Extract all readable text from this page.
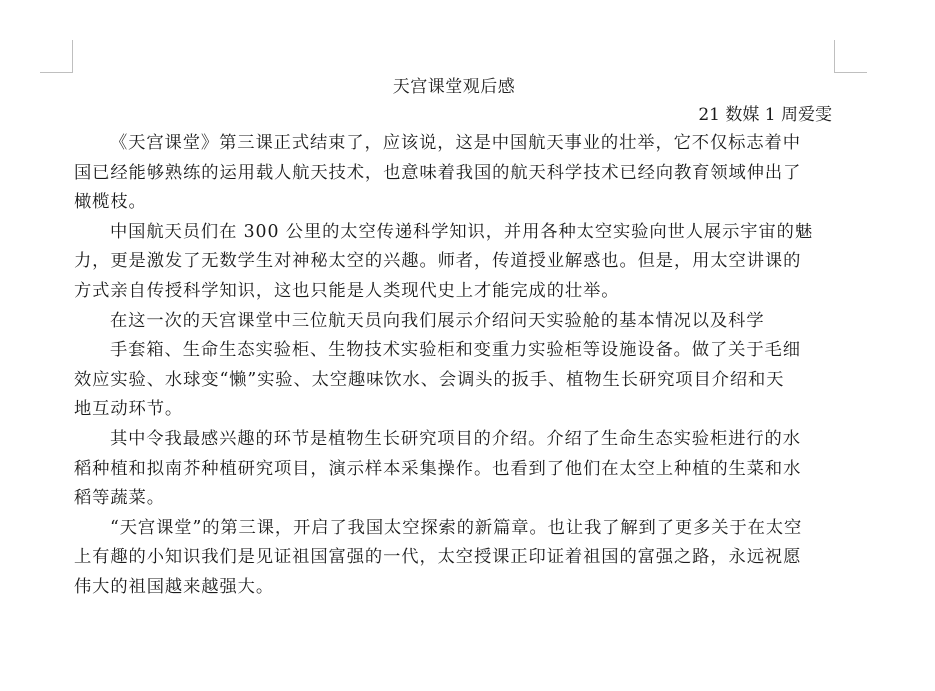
天宫课堂观后感

21 数媒 1 周爱雯

《天宫课堂》第三课正式结束了，应该说，这是中国航天事业的壮举，它不仅标志着中
国已经能够熟练的运用载人航天技术，也意味着我国的航天科学技术已经向教育领域伸出了
橄榄枝。

中国航天员们在 300 公里的太空传递科学知识，并用各种太空实验向世人展示宇宙的魅
力，更是激发了无数学生对神秘太空的兴趣。师者，传道授业解惑也。但是，用太空讲课的
方式亲自传授科学知识，这也只能是人类现代史上才能完成的壮举。

在这一次的天宫课堂中三位航天员向我们展示介绍问天实验舱的基本情况以及科学
手套箱、生命生态实验柜、生物技术实验柜和变重力实验柜等设施设备。做了关于毛细
效应实验、水球变“懒”实验、太空趣味饮水、会调头的扳手、植物生长研究项目介绍和天
地互动环节。

其中令我最感兴趣的环节是植物生长研究项目的介绍。介绍了生命生态实验柜进行的水
稻种植和拟南芥种植研究项目，演示样本采集操作。也看到了他们在太空上种植的生菜和水
稻等蔬菜。

“天宫课堂”的第三课，开启了我国太空探索的新篇章。也让我了解到了更多关于在太空
上有趣的小知识我们是见证祖国富强的一代，太空授课正印证着祖国的富强之路，永远祝愿
伟大的祖国越来越强大。
